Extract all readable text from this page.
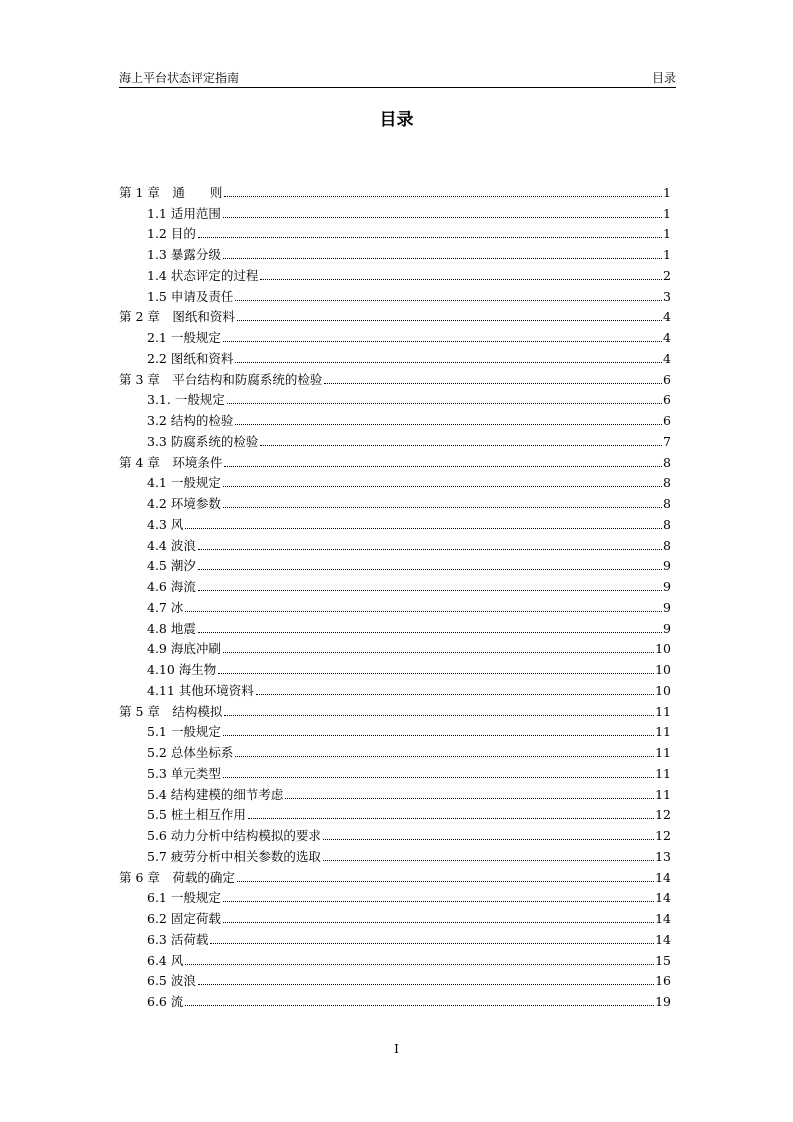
海上平台状态评定指南	目录
目录
第 1 章　通　　则	1
1.1 适用范围	1
1.2 目的	1
1.3 暴露分级	1
1.4 状态评定的过程	2
1.5 申请及责任	3
第 2 章　图纸和资料	4
2.1 一般规定	4
2.2 图纸和资料	4
第 3 章　平台结构和防腐系统的检验	6
3.1. 一般规定	6
3.2 结构的检验	6
3.3 防腐系统的检验	7
第 4 章　环境条件	8
4.1 一般规定	8
4.2 环境参数	8
4.3 风	8
4.4 波浪	8
4.5 潮汐	9
4.6 海流	9
4.7 冰	9
4.8 地震	9
4.9 海底冲刷	10
4.10 海生物	10
4.11 其他环境资料	10
第 5 章　结构模拟	11
5.1 一般规定	11
5.2 总体坐标系	11
5.3 单元类型	11
5.4 结构建模的细节考虑	11
5.5 桩土相互作用	12
5.6 动力分析中结构模拟的要求	12
5.7 疲劳分析中相关参数的选取	13
第 6 章　荷载的确定	14
6.1 一般规定	14
6.2 固定荷载	14
6.3 活荷载	14
6.4 风	15
6.5 波浪	16
6.6 流	19
I
